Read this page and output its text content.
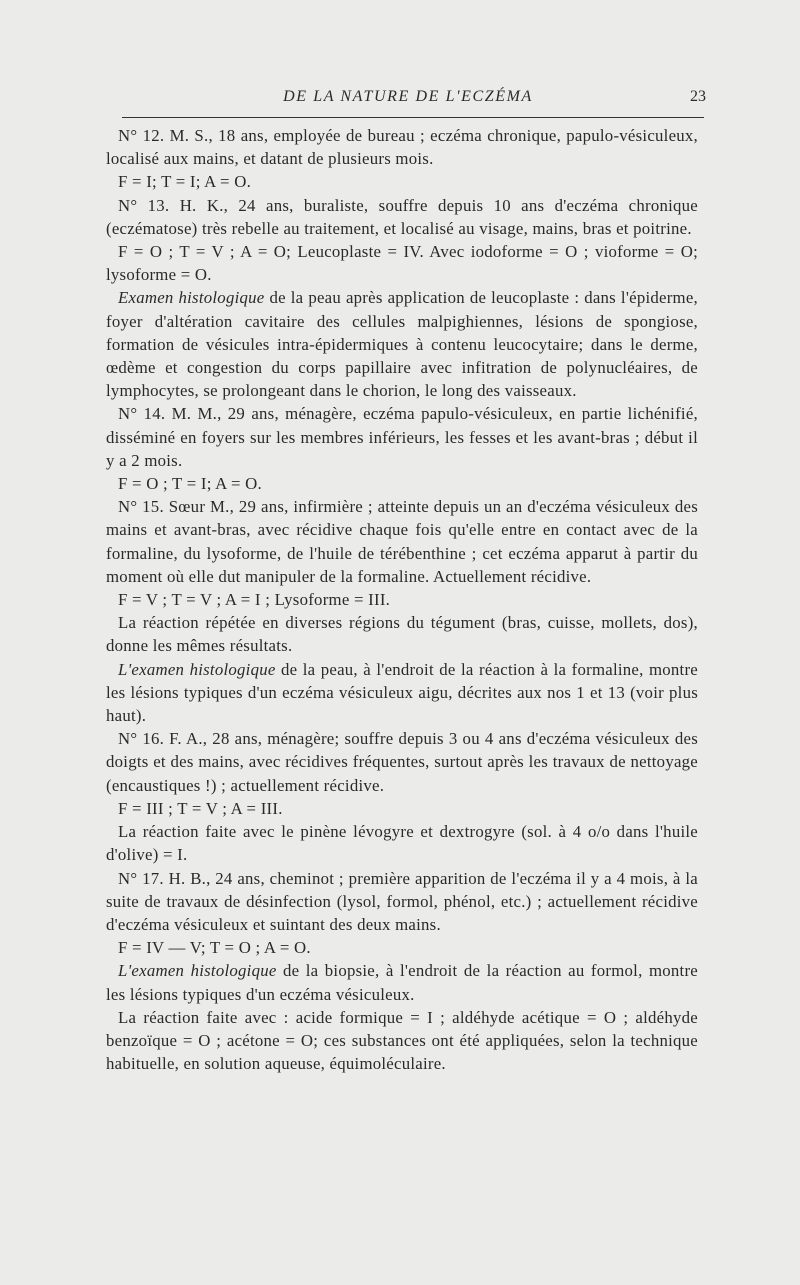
DE LA NATURE DE L'ECZÉMA	23

N° 12. M. S., 18 ans, employée de bureau ; eczéma chronique, papulo-vésiculeux, localisé aux mains, et datant de plusieurs mois.

F = I; T = I; A = O.

N° 13. H. K., 24 ans, buraliste, souffre depuis 10 ans d'eczéma chronique (eczématose) très rebelle au traitement, et localisé au visage, mains, bras et poitrine.

F = O ; T = V ; A = O; Leucoplaste = IV. Avec iodoforme = O ; vioforme = O; lysoforme = O.

Examen histologique de la peau après application de leucoplaste : dans l'épiderme, foyer d'altération cavitaire des cellules malpighiennes, lésions de spongiose, formation de vésicules intra-épidermiques à contenu leucocytaire; dans le derme, œdème et congestion du corps papillaire avec infitration de polynucléaires, de lymphocytes, se prolongeant dans le chorion, le long des vaisseaux.

N° 14. M. M., 29 ans, ménagère, eczéma papulo-vésiculeux, en partie lichénifié, disséminé en foyers sur les membres inférieurs, les fesses et les avant-bras ; début il y a 2 mois.

F = O ; T = I; A = O.

N° 15. Sœur M., 29 ans, infirmière ; atteinte depuis un an d'eczéma vésiculeux des mains et avant-bras, avec récidive chaque fois qu'elle entre en contact avec de la formaline, du lysoforme, de l'huile de térébenthine ; cet eczéma apparut à partir du moment où elle dut manipuler de la formaline. Actuellement récidive.

F = V ; T = V ; A = I ; Lysoforme = III.

La réaction répétée en diverses régions du tégument (bras, cuisse, mollets, dos), donne les mêmes résultats.

L'examen histologique de la peau, à l'endroit de la réaction à la formaline, montre les lésions typiques d'un eczéma vésiculeux aigu, décrites aux nos 1 et 13 (voir plus haut).

N° 16. F. A., 28 ans, ménagère; souffre depuis 3 ou 4 ans d'eczéma vésiculeux des doigts et des mains, avec récidives fréquentes, surtout après les travaux de nettoyage (encaustiques !) ; actuellement récidive.

F = III ; T = V ; A = III.

La réaction faite avec le pinène lévogyre et dextrogyre (sol. à 4 o/o dans l'huile d'olive) = I.

N° 17. H. B., 24 ans, cheminot ; première apparition de l'eczéma il y a 4 mois, à la suite de travaux de désinfection (lysol, formol, phénol, etc.) ; actuellement récidive d'eczéma vésiculeux et suintant des deux mains.

F = IV — V; T = O ; A = O.

L'examen histologique de la biopsie, à l'endroit de la réaction au formol, montre les lésions typiques d'un eczéma vésiculeux.

La réaction faite avec : acide formique = I ; aldéhyde acétique = O ; aldéhyde benzoïque = O ; acétone = O; ces substances ont été appliquées, selon la technique habituelle, en solution aqueuse, équimoléculaire.
